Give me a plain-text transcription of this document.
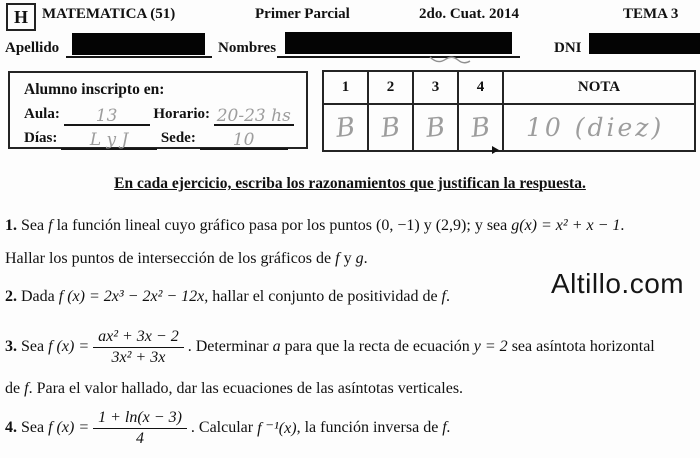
H MATEMATICA (51)	Primer Parcial	2do. Cuat. 2014	TEMA 3
Apellido	Nombres	DNI
Alumno inscripto en:
Aula: 13 Horario: 20-23 hs
Días: L y J Sede: 10
1	2	3	4	NOTA
B	B	B	B	10 (diez)
En cada ejercicio, escriba los razonamientos que justifican la respuesta.
1. Sea f la función lineal cuyo gráfico pasa por los puntos (0, −1) y (2,9); y sea g(x) = x² + x − 1.
Hallar los puntos de intersección de los gráficos de f y g.
2. Dada f (x) = 2x³ − 2x² − 12x, hallar el conjunto de positividad de f.	Altillo.com
3.
Sea
f $(x) = \frac{\text{ax² + 3x − 2}}{\text{3x² + 3x}}$ . Determinar
a
para que la recta de ecuación
y = 2
sea asíntota horizontal
de f. Para el valor hallado, dar las ecuaciones de las asíntotas verticales.
4.
Sea
f $(x) = \frac{1 + \ln(x - 3)}{4}$ . Calcular
f ⁻¹(x) , la función inversa de
f.
